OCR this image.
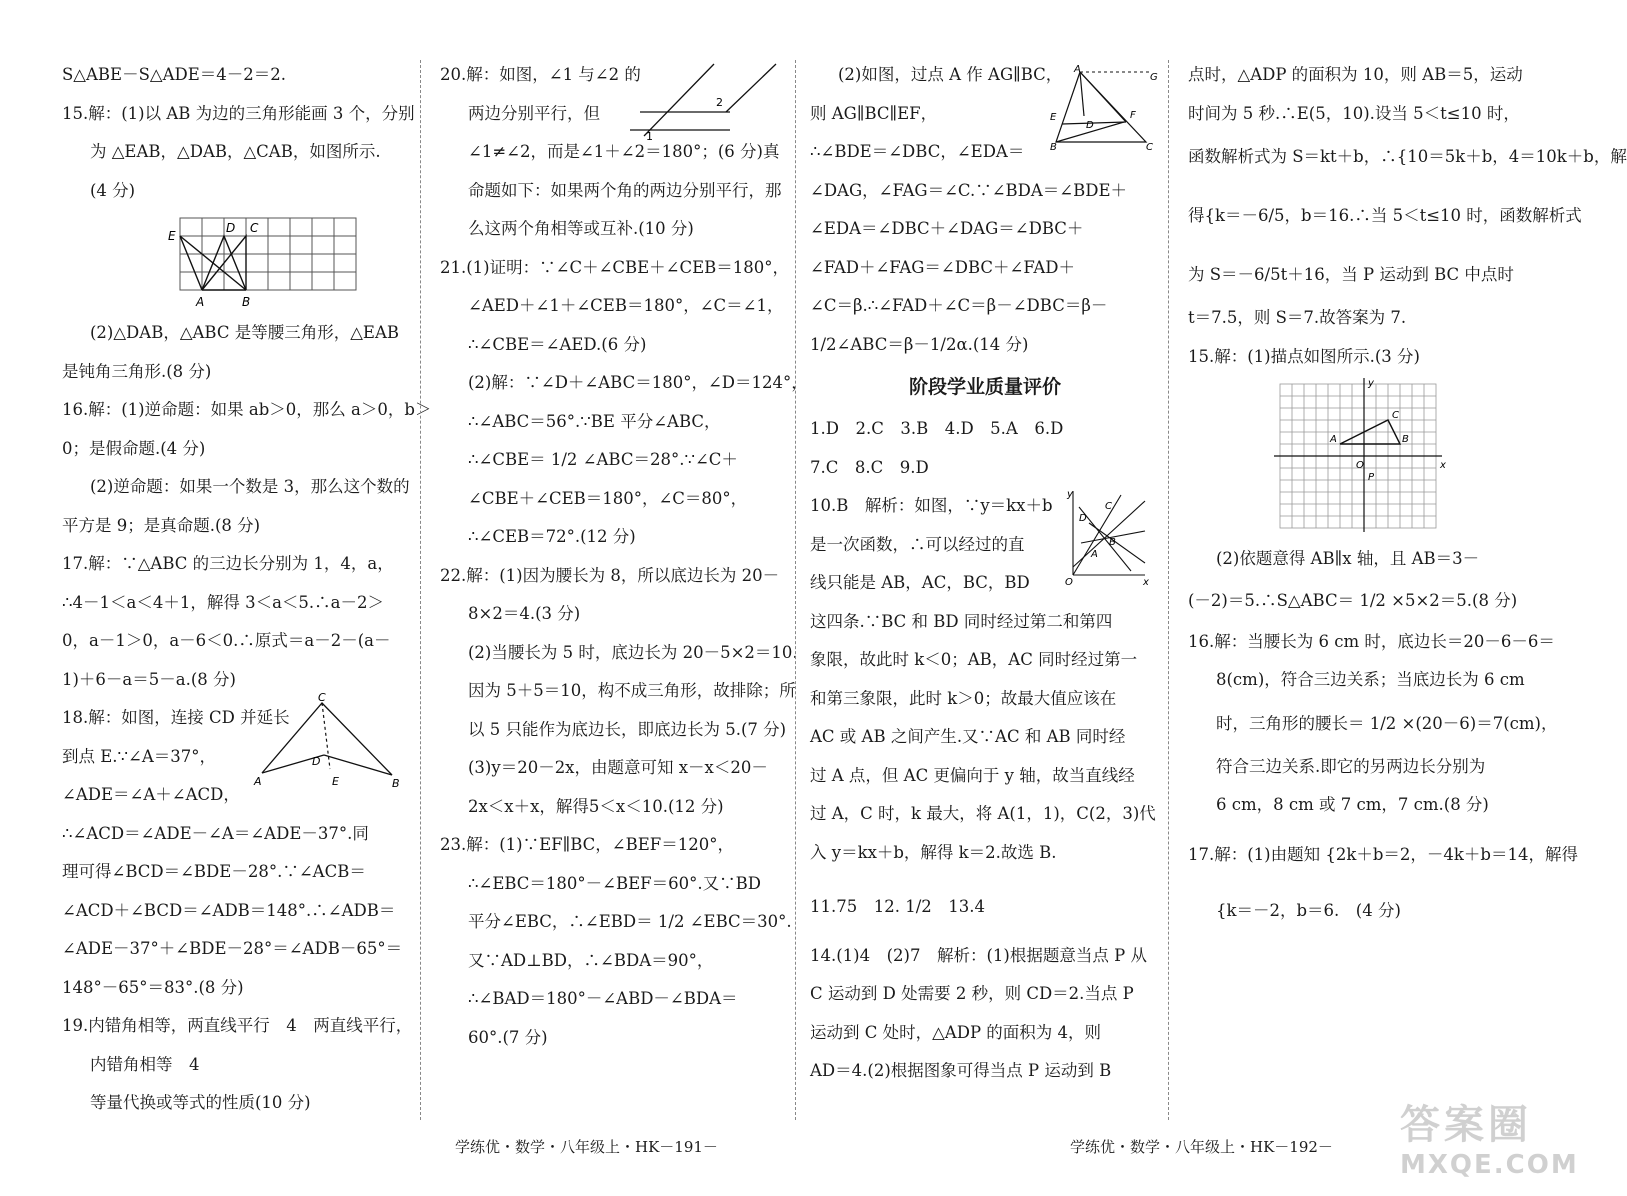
S△ABE－S△ADE＝4－2＝2.
15.解：(1)以 AB 为边的三角形能画 3 个，分别
为 △EAB，△DAB，△CAB，如图所示.
(4 分)
E
D C
A	B
(2)△DAB，△ABC 是等腰三角形，△EAB
是钝角三角形.(8 分)
16.解：(1)逆命题：如果 ab＞0，那么 a＞0，b＞
0；是假命题.(4 分)
(2)逆命题：如果一个数是 3，那么这个数的
平方是 9；是真命题.(8 分)
17.解：∵△ABC 的三边长分别为 1，4，a，
∴4－1＜a＜4＋1，解得 3＜a＜5.∴a－2＞
0，a－1＞0，a－6＜0.∴原式＝a－2－(a－
1)＋6－a＝5－a.(8 分)
18.解：如图，连接 CD 并延长
到点 E.∵∠A＝37°，
∠ADE＝∠A＋∠ACD，
C
A
D
E	B
∴∠ACD＝∠ADE－∠A＝∠ADE－37°.同
理可得∠BCD＝∠BDE－28°.∵∠ACB＝
∠ACD＋∠BCD＝∠ADB＝148°.∴∠ADB＝
∠ADE－37°＋∠BDE－28°＝∠ADB－65°＝
148°－65°＝83°.(8 分)
19.内错角相等，两直线平行　4　两直线平行，
内错角相等　4
等量代换或等式的性质(10 分)
20.解：如图，∠1 与∠2 的
两边分别平行，但
1
2
∠1≠∠2，而是∠1＋∠2＝180°；(6 分)真
命题如下：如果两个角的两边分别平行，那
么这两个角相等或互补.(10 分)
21.(1)证明：∵∠C＋∠CBE＋∠CEB＝180°，
∠AED＋∠1＋∠CEB＝180°，∠C＝∠1，
∴∠CBE＝∠AED.(6 分)
(2)解：∵∠D＋∠ABC＝180°，∠D＝124°，
∴∠ABC＝56°.∵BE 平分∠ABC，
∴∠CBE＝ 1/2 ∠ABC＝28°.∵∠C＋
∠CBE＋∠CEB＝180°，∠C＝80°，
∴∠CEB＝72°.(12 分)
22.解：(1)因为腰长为 8，所以底边长为 20－
8×2＝4.(3 分)
(2)当腰长为 5 时，底边长为 20－5×2＝10.
因为 5＋5＝10，构不成三角形，故排除；所
以 5 只能作为底边长，即底边长为 5.(7 分)
(3)y＝20－2x，由题意可知 x－x＜20－
2x＜x＋x，解得5＜x＜10.(12 分)
23.解：(1)∵EF∥BC，∠BEF＝120°，
∴∠EBC＝180°－∠BEF＝60°.又∵BD
平分∠EBC，∴∠EBD＝ 1/2 ∠EBC＝30°.
又∵AD⊥BD，∴∠BDA＝90°，
∴∠BAD＝180°－∠ABD－∠BDA＝
60°.(7 分)
(2)如图，过点 A 作 AG∥BC，
则 AG∥BC∥EF，
∴∠BDE＝∠DBC，∠EDA＝
A
G
E	F
D
B	C
∠DAG，∠FAG＝∠C.∵∠BDA＝∠BDE＋
∠EDA＝∠DBC＋∠DAG＝∠DBC＋
∠FAD＋∠FAG＝∠DBC＋∠FAD＋
∠C＝β.∴∠FAD＋∠C＝β－∠DBC＝β－
1/2∠ABC＝β－1/2α.(14 分)
阶段学业质量评价
1.D　2.C　3.B　4.D　5.A　6.D
7.C　8.C　9.D
10.B　解析：如图，∵y＝kx＋b
是一次函数，∴可以经过的直
线只能是 AB，AC，BC，BD
y
x
O
A
B
C
D
这四条.∵BC 和 BD 同时经过第二和第四
象限，故此时 k＜0；AB，AC 同时经过第一
和第三象限，此时 k＞0；故最大值应该在
AC 或 AB 之间产生.又∵AC 和 AB 同时经
过 A 点，但 AC 更偏向于 y 轴，故当直线经
过 A，C 时，k 最大，将 A(1，1)，C(2，3)代
入 y＝kx＋b，解得 k＝2.故选 B.
11.75　12. 1/2　13.4
14.(1)4　(2)7　解析：(1)根据题意当点 P 从
C 运动到 D 处需要 2 秒，则 CD＝2.当点 P
运动到 C 处时，△ADP 的面积为 4，则
AD＝4.(2)根据图象可得当点 P 运动到 B
点时，△ADP 的面积为 10，则 AB＝5，运动
时间为 5 秒.∴E(5，10).设当 5＜t≤10 时，
函数解析式为 S＝kt＋b，∴{10＝5k＋b，4＝10k＋b，解
得{k＝－6/5，b＝16.∴当 5＜t≤10 时，函数解析式
为 S＝－6/5t＋16，当 P 运动到 BC 中点时
t＝7.5，则 S＝7.故答案为 7.
15.解：(1)描点如图所示.(3 分)
y
x
A	B
C
O
P
(2)依题意得 AB∥x 轴，且 AB＝3－
(－2)＝5.∴S△ABC＝ 1/2 ×5×2＝5.(8 分)
16.解：当腰长为 6 cm 时，底边长＝20－6－6＝
8(cm)，符合三边关系；当底边长为 6 cm
时，三角形的腰长＝ 1/2 ×(20－6)＝7(cm)，
符合三边关系.即它的另两边长分别为
6 cm，8 cm 或 7 cm，7 cm.(8 分)
17.解：(1)由题知 {2k＋b＝2，－4k＋b＝14，解得
{k＝－2，b＝6.　(4 分)
学练优・数学・八年级上・HK－191－	学练优・数学・八年级上・HK－192－ 答案圈
MXQE.COM
